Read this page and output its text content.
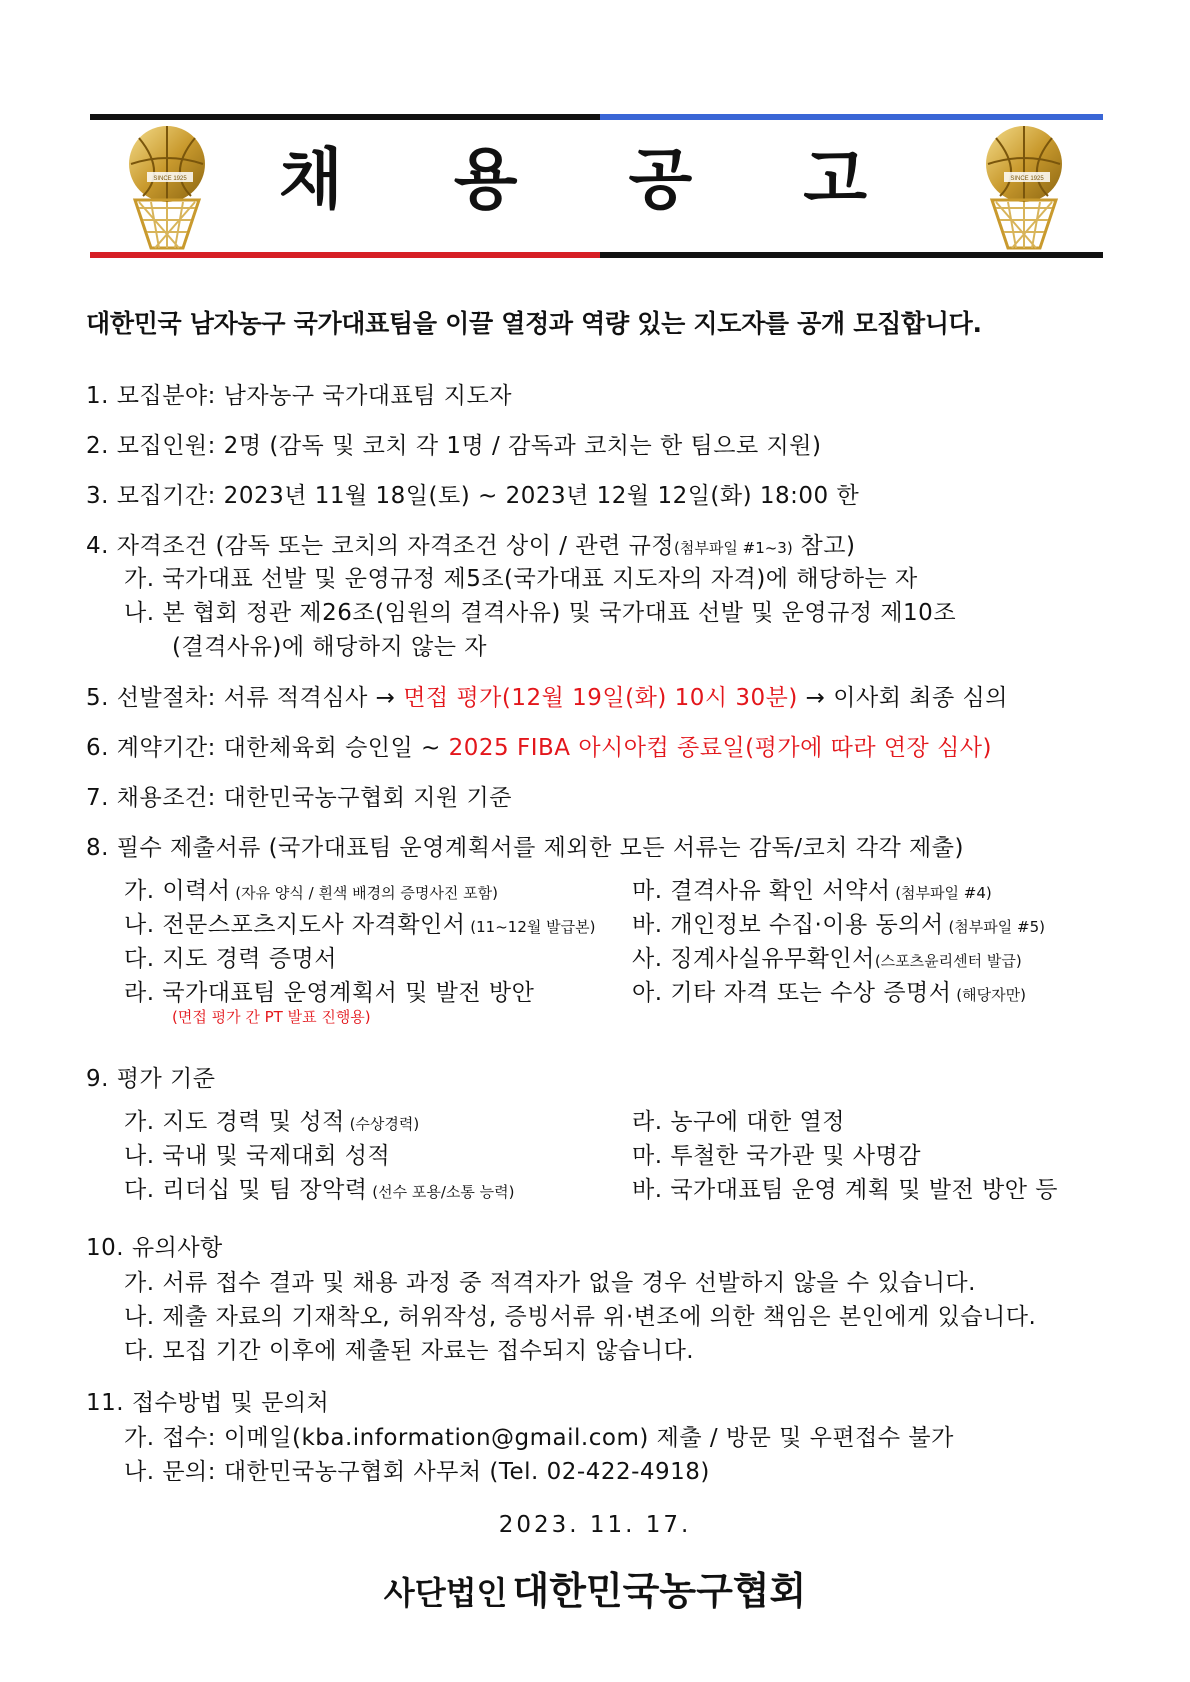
SINCE 1925	SINCE 1925
채 용 공 고
대한민국 남자농구 국가대표팀을 이끌 열정과 역량 있는 지도자를 공개 모집합니다.
1. 모집분야: 남자농구 국가대표팀 지도자
2. 모집인원: 2명 (감독 및 코치 각 1명 / 감독과 코치는 한 팀으로 지원)
3. 모집기간: 2023년 11월 18일(토) ~ 2023년 12월 12일(화) 18:00 한
4. 자격조건 (감독 또는 코치의 자격조건 상이 / 관련 규정(첨부파일 #1~3) 참고)
가. 국가대표 선발 및 운영규정 제5조(국가대표 지도자의 자격)에 해당하는 자
나. 본 협회 정관 제26조(임원의 결격사유) 및 국가대표 선발 및 운영규정 제10조
(결격사유)에 해당하지 않는 자
5. 선발절차: 서류 적격심사 → 면접 평가(12월 19일(화) 10시 30분) → 이사회 최종 심의
6. 계약기간: 대한체육회 승인일 ~ 2025 FIBA 아시아컵 종료일(평가에 따라 연장 심사)
7. 채용조건: 대한민국농구협회 지원 기준
8. 필수 제출서류 (국가대표팀 운영계획서를 제외한 모든 서류는 감독/코치 각각 제출)
가. 이력서 (자유 양식 / 흰색 배경의 증명사진 포함)
나. 전문스포츠지도사 자격확인서 (11~12월 발급본)
다. 지도 경력 증명서
라. 국가대표팀 운영계획서 및 발전 방안
(면접 평가 간 PT 발표 진행용)
마. 결격사유 확인 서약서 (첨부파일 #4)
바. 개인정보 수집·이용 동의서 (첨부파일 #5)
사. 징계사실유무확인서(스포츠윤리센터 발급)
아. 기타 자격 또는 수상 증명서 (해당자만)
9. 평가 기준
가. 지도 경력 및 성적 (수상경력)
나. 국내 및 국제대회 성적
다. 리더십 및 팀 장악력 (선수 포용/소통 능력)
라. 농구에 대한 열정
마. 투철한 국가관 및 사명감
바. 국가대표팀 운영 계획 및 발전 방안 등
10. 유의사항
가. 서류 접수 결과 및 채용 과정 중 적격자가 없을 경우 선발하지 않을 수 있습니다.
나. 제출 자료의 기재착오, 허위작성, 증빙서류 위·변조에 의한 책임은 본인에게 있습니다.
다. 모집 기간 이후에 제출된 자료는 접수되지 않습니다.
11. 접수방법 및 문의처
가. 접수: 이메일(kba.information@gmail.com) 제출 / 방문 및 우편접수 불가
나. 문의: 대한민국농구협회 사무처 (Tel. 02-422-4918)
2023. 11. 17.
사단법인 대한민국농구협회
